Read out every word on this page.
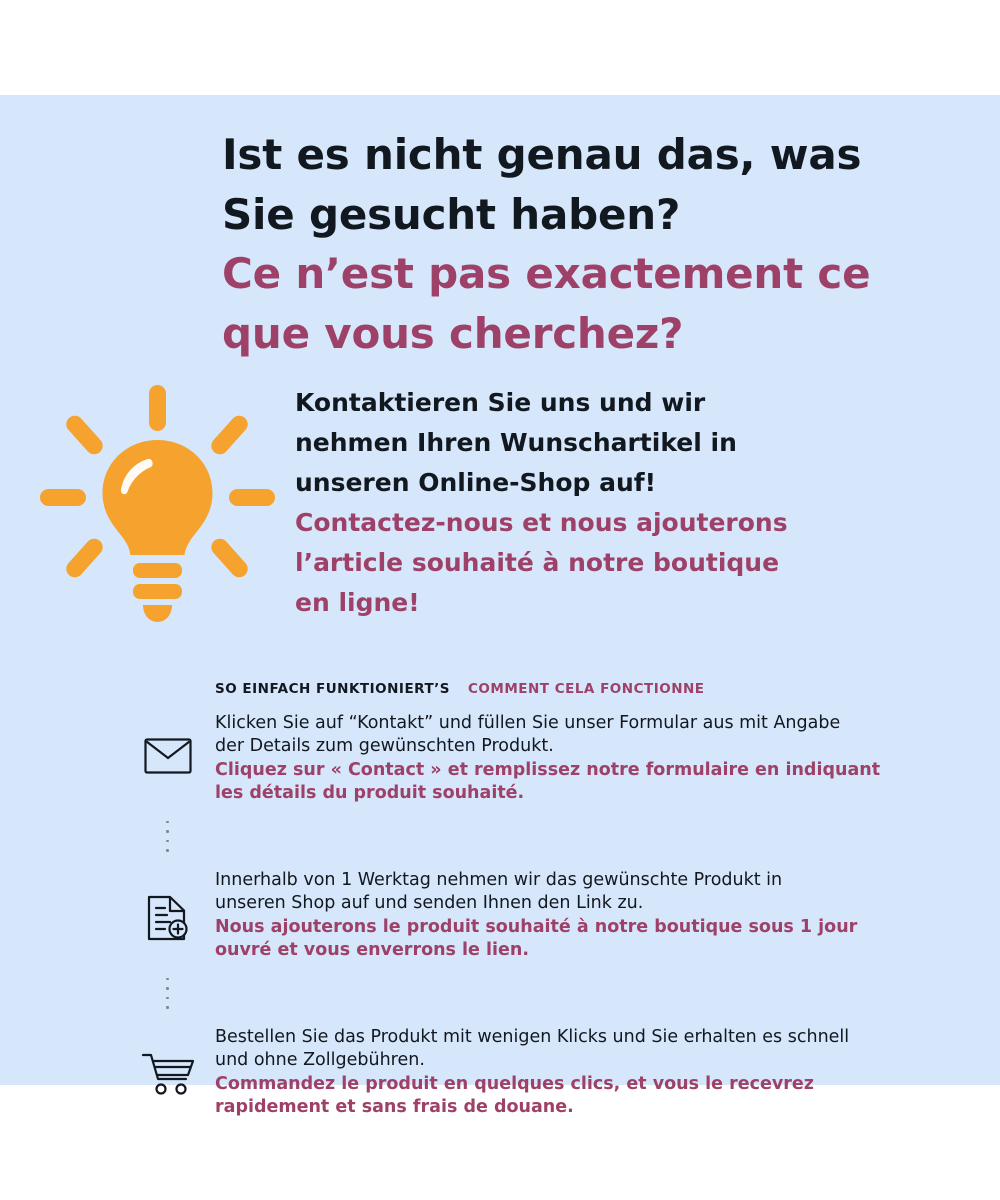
Ist es nicht genau das, was

Sie gesucht haben?

Ce n’est pas exactement ce

que vous cherchez?

Kontaktieren Sie uns und wir

nehmen Ihren Wunschartikel in

unseren Online-Shop auf!

Contactez-nous et nous ajouterons

l’article souhaité à notre boutique

en ligne!

SO EINFACH FUNKTIONIERT’S COMMENT CELA FONCTIONNE

Klicken Sie auf “Kontakt” und füllen Sie unser Formular aus mit Angabe

der Details zum gewünschten Produkt.

Cliquez sur « Contact » et remplissez notre formulaire en indiquant

les détails du produit souhaité.

Innerhalb von 1 Werktag nehmen wir das gewünschte Produkt in

unseren Shop auf und senden Ihnen den Link zu.

Nous ajouterons le produit souhaité à notre boutique sous 1 jour

ouvré et vous enverrons le lien.

Bestellen Sie das Produkt mit wenigen Klicks und Sie erhalten es schnell

und ohne Zollgebühren.

Commandez le produit en quelques clics, et vous le recevrez

rapidement et sans frais de douane.
